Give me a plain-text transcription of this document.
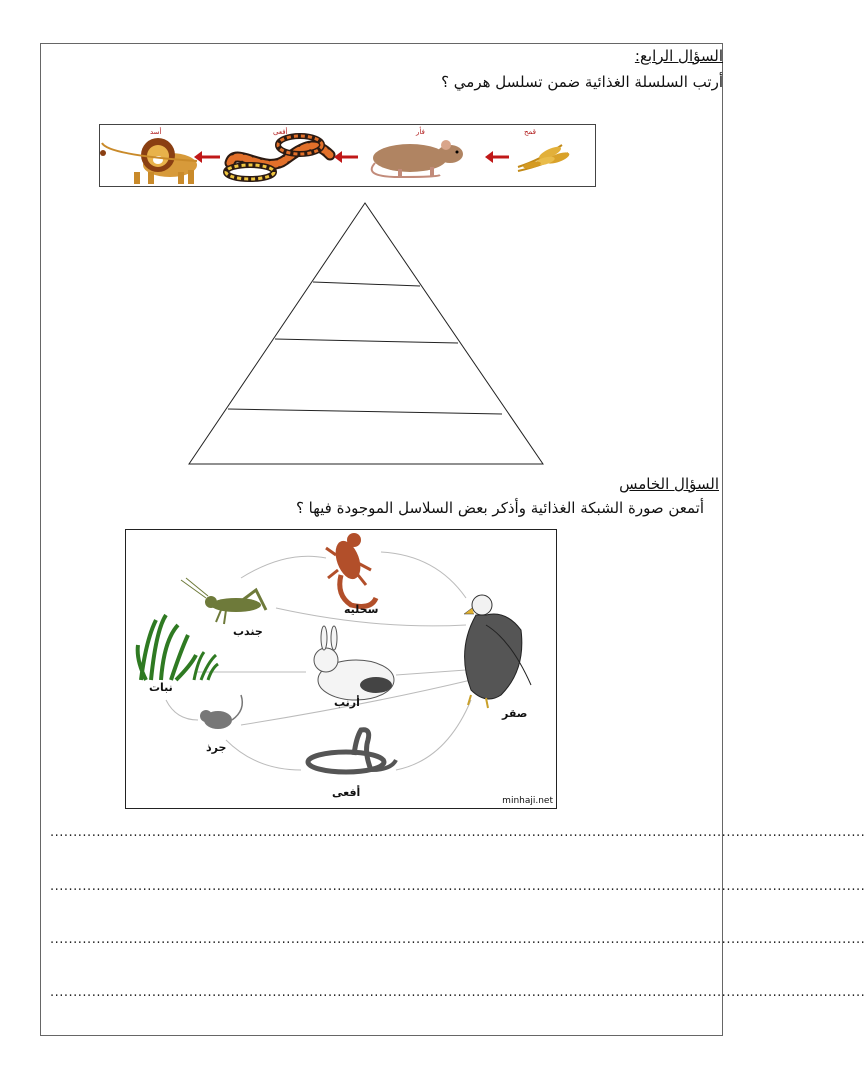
السؤال الرابع:
أرتب السلسلة الغذائية ضمن تسلسل هرمي ؟
قمح
فأر
أفعى
أسد
السؤال الخامس
أتمعن صورة الشبكة الغذائية وأذكر بعض السلاسل الموجودة فيها ؟
جندب
سحليه
نبات
أرنب
جرذ
أفعى
صقر
minhaji.net
................................................................................................................................................................................
................................................................................................................................................................................
................................................................................................................................................................................
................................................................................................................................................................................
